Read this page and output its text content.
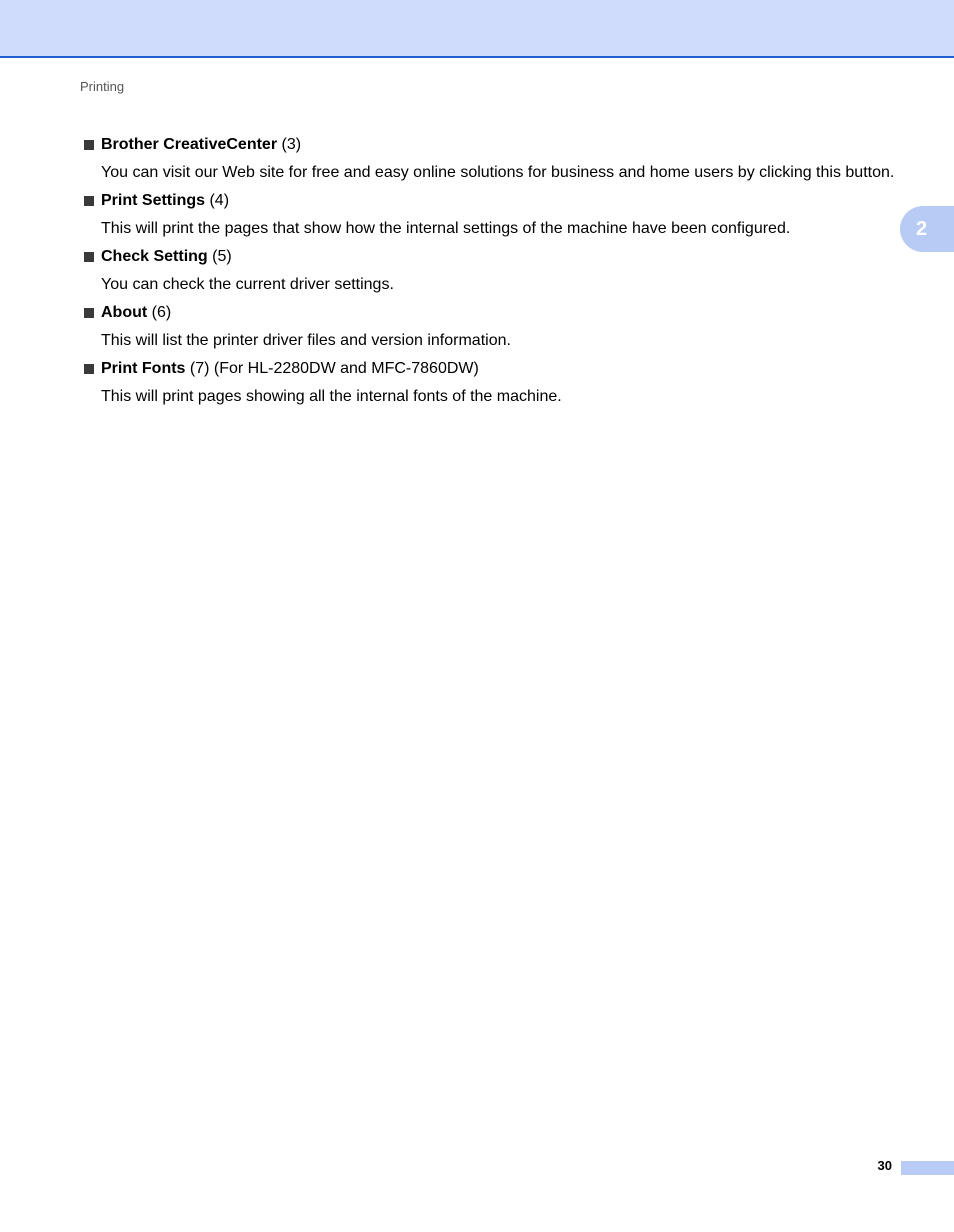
Printing
2
Brother CreativeCenter (3)
You can visit our Web site for free and easy online solutions for business and home users by clicking this button.
Print Settings (4)
This will print the pages that show how the internal settings of the machine have been configured.
Check Setting (5)
You can check the current driver settings.
About (6)
This will list the printer driver files and version information.
Print Fonts (7) (For HL-2280DW and MFC-7860DW)
This will print pages showing all the internal fonts of the machine.
30
